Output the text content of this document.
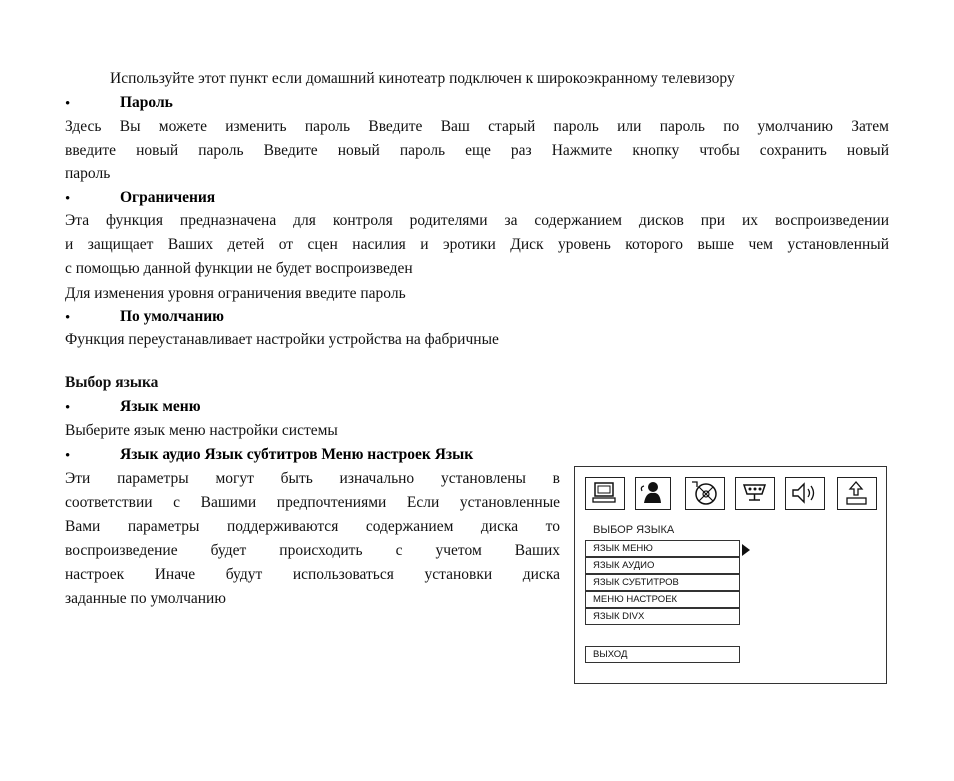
Используйте этот пункт если домашний кинотеатр подключен к широкоэкранному телевизору
•	Пароль
Здесь Вы можете изменить пароль Введите Ваш старый пароль или пароль по умолчанию Затем
введите новый пароль Введите новый пароль еще раз Нажмите кнопку чтобы сохранить новый
пароль
•	Ограничения
Эта функция предназначена для контроля родителями за содержанием дисков при их воспроизведении
и защищает Ваших детей от сцен насилия и эротики Диск уровень которого выше чем установленный
с помощью данной функции не будет воспроизведен
Для изменения уровня ограничения введите пароль
•	По умолчанию
Функция переустанавливает настройки устройства на фабричные
Выбор языка
•	Язык меню
Выберите язык меню настройки системы
•	Язык аудио Язык субтитров Меню настроек Язык
Эти параметры могут быть изначально установлены в
соответствии с Вашими предпочтениями Если установленные
Вами параметры поддерживаются содержанием диска то
воспроизведение будет происходить с учетом Ваших
настроек Иначе будут использоваться установки диска
заданные по умолчанию
ВЫБОР ЯЗЫКА
ЯЗЫК МЕНЮ
ЯЗЫК АУДИО
ЯЗЫК СУБТИТРОВ
МЕНЮ НАСТРОЕК
ЯЗЫК DIVX
ВЫХОД
